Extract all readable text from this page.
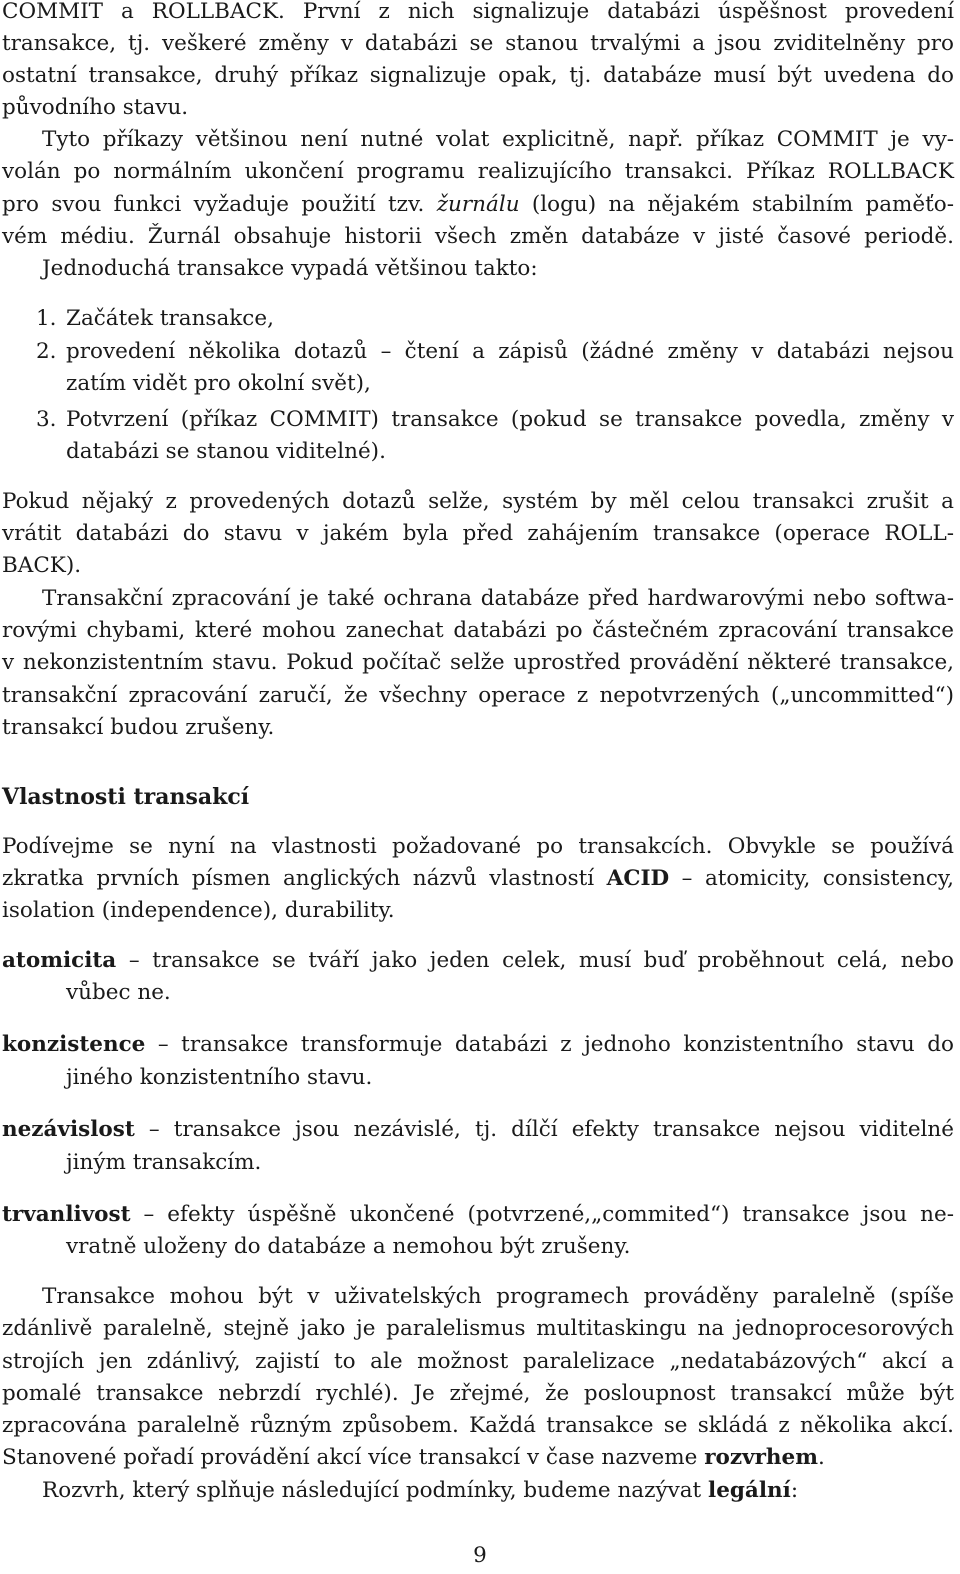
COMMIT a ROLLBACK. První z nich signalizuje databázi úspěšnost provedení
transakce, tj. veškeré změny v databázi se stanou trvalými a jsou zviditelněny pro
ostatní transakce, druhý příkaz signalizuje opak, tj. databáze musí být uvedena do
původního stavu.
Tyto příkazy většinou není nutné volat explicitně, např. příkaz COMMIT je vy-
volán po normálním ukončení programu realizujícího transakci. Příkaz ROLLBACK
pro svou funkci vyžaduje použití tzv. žurnálu (logu) na nějakém stabilním paměťo-
vém médiu. Žurnál obsahuje historii všech změn databáze v jisté časové periodě.
Jednoduchá transakce vypadá většinou takto:
1. Začátek transakce,
2. provedení několika dotazů – čtení a zápisů (žádné změny v databázi nejsou
zatím vidět pro okolní svět),
3. Potvrzení (příkaz COMMIT) transakce (pokud se transakce povedla, změny v
databázi se stanou viditelné).
Pokud nějaký z provedených dotazů selže, systém by měl celou transakci zrušit a
vrátit databázi do stavu v jakém byla před zahájením transakce (operace ROLL-
BACK).
Transakční zpracování je také ochrana databáze před hardwarovými nebo softwa-
rovými chybami, které mohou zanechat databázi po částečném zpracování transakce
v nekonzistentním stavu. Pokud počítač selže uprostřed provádění některé transakce,
transakční zpracování zaručí, že všechny operace z nepotvrzených („uncommitted“)
transakcí budou zrušeny.
Vlastnosti transakcí
Podívejme se nyní na vlastnosti požadované po transakcích. Obvykle se používá
zkratka prvních písmen anglických názvů vlastností ACID – atomicity, consistency,
isolation (independence), durability.
atomicita – transakce se tváří jako jeden celek, musí buď proběhnout celá, nebo
vůbec ne.
konzistence – transakce transformuje databázi z jednoho konzistentního stavu do
jiného konzistentního stavu.
nezávislost – transakce jsou nezávislé, tj. dílčí efekty transakce nejsou viditelné
jiným transakcím.
trvanlivost – efekty úspěšně ukončené (potvrzené,„commited“) transakce jsou ne-
vratně uloženy do databáze a nemohou být zrušeny.
Transakce mohou být v uživatelských programech prováděny paralelně (spíše
zdánlivě paralelně, stejně jako je paralelismus multitaskingu na jednoprocesorových
strojích jen zdánlivý, zajistí to ale možnost paralelizace „nedatabázových“ akcí a
pomalé transakce nebrzdí rychlé). Je zřejmé, že posloupnost transakcí může být
zpracována paralelně různým způsobem. Každá transakce se skládá z několika akcí.
Stanovené pořadí provádění akcí více transakcí v čase nazveme rozvrhem.
Rozvrh, který splňuje následující podmínky, budeme nazývat legální:
9
